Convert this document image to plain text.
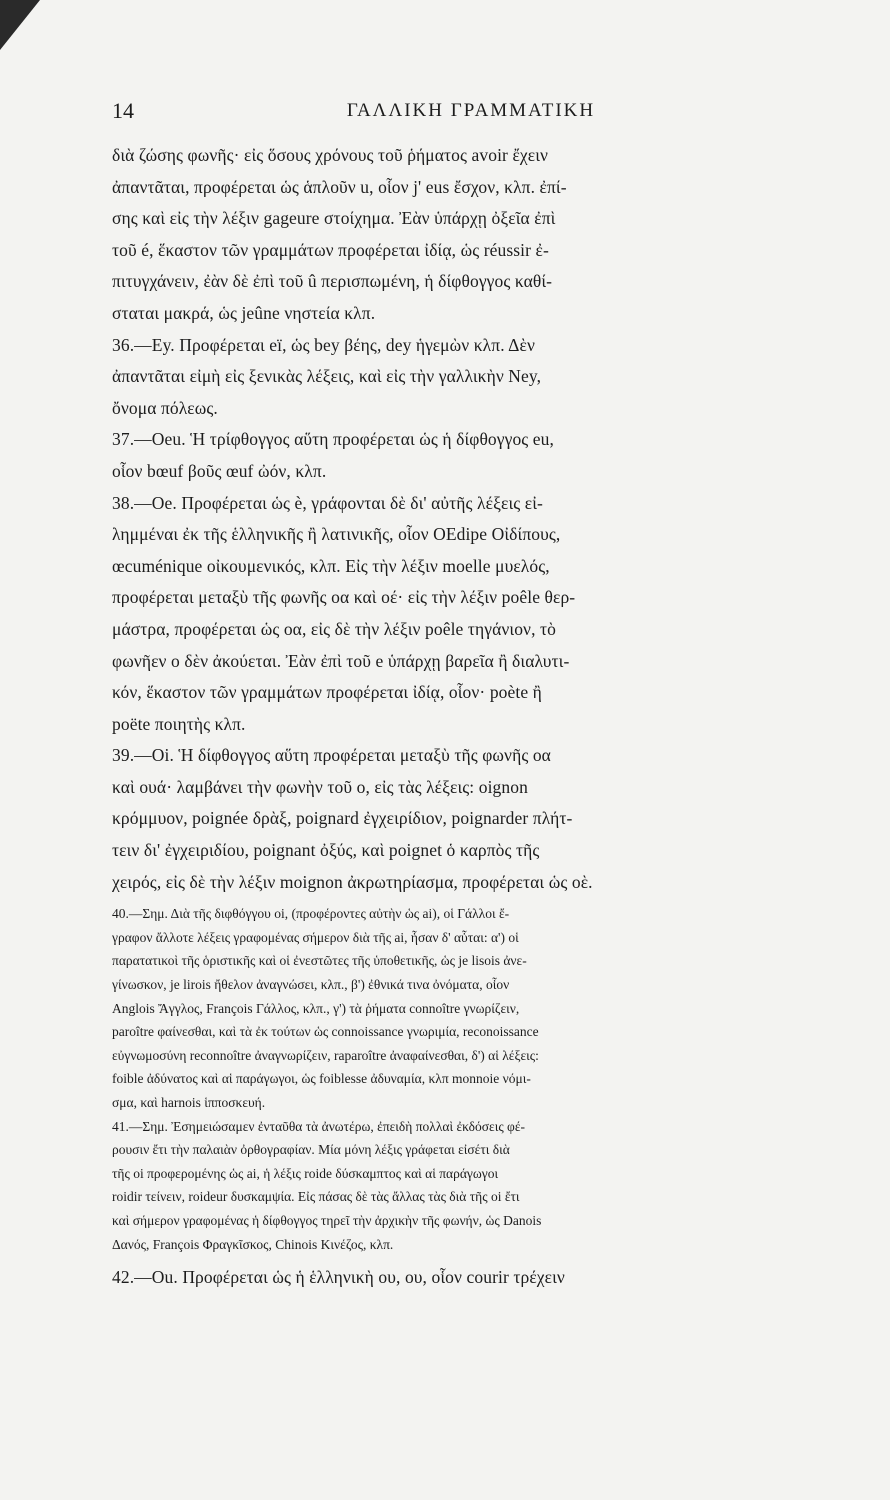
14	ΓΑΛΛΙΚΗ ΓΡΑΜΜΑΤΙΚΗ
διὰ ζώσης φωνῆς· εἰς ὅσους χρόνους τοῦ ῥήματος avoir ἔχειν
ἀπαντᾶται, προφέρεται ὡς ἁπλοῦν u, οἷον j' eus ἔσχον, κλπ. ἐπί-
σης καὶ εἰς τὴν λέξιν gageure στοίχημα. Ἐὰν ὑπάρχῃ ὀξεῖα ἐπὶ
τοῦ é, ἕκαστον τῶν γραμμάτων προφέρεται ἰδίᾳ, ὡς réussir ἐ-
πιτυγχάνειν, ἐὰν δὲ ἐπὶ τοῦ û περισπωμένη, ἡ δίφθογγος καθί-
σταται μακρά, ὡς jeûne νηστεία κλπ.
36.—Ey. Προφέρεται eï, ὡς bey βέης, dey ἡγεμὼν κλπ. Δὲν
ἀπαντᾶται εἰμὴ εἰς ξενικὰς λέξεις, καὶ εἰς τὴν γαλλικὴν Ney,
ὄνομα πόλεως.
37.—Oeu. Ἡ τρίφθογγος αὕτη προφέρεται ὡς ἡ δίφθογγος eu,
οἷον bœuf βοῦς œuf ὠόν, κλπ.
38.—Oe. Προφέρεται ὡς è, γράφονται δὲ δι' αὐτῆς λέξεις εἰ-
λημμέναι ἐκ τῆς ἑλληνικῆς ἢ λατινικῆς, οἷον OEdipe Οἰδίπους,
œcuménique οἰκουμενικός, κλπ. Εἰς τὴν λέξιν moelle μυελός,
προφέρεται μεταξὺ τῆς φωνῆς οα καὶ οέ· εἰς τὴν λέξιν poêle θερ-
μάστρα, προφέρεται ὡς οα, εἰς δὲ τὴν λέξιν poêle τηγάνιον, τὸ
φωνῆεν o δὲν ἀκούεται. Ἐὰν ἐπὶ τοῦ e ὑπάρχῃ βαρεῖα ἢ διαλυτι-
κόν, ἕκαστον τῶν γραμμάτων προφέρεται ἰδίᾳ, οἷον· poète ἢ
poëte ποιητὴς κλπ.
39.—Oi. Ἡ δίφθογγος αὕτη προφέρεται μεταξὺ τῆς φωνῆς οα
καὶ ουά· λαμβάνει τὴν φωνὴν τοῦ ο, εἰς τὰς λέξεις: oignon
κρόμμυον, poignée δρὰξ, poignard ἐγχειρίδιον, poignarder πλήτ-
τειν δι' ἐγχειριδίου, poignant ὀξύς, καὶ poignet ὁ καρπὸς τῆς
χειρός, εἰς δὲ τὴν λέξιν moignon ἀκρωτηρίασμα, προφέρεται ὡς οὲ.
40.—Σημ. Διὰ τῆς διφθόγγου oi, (προφέροντες αὐτὴν ὡς ai), οἱ Γάλλοι ἔ-
γραφον ἄλλοτε λέξεις γραφομένας σήμερον διὰ τῆς ai, ἦσαν δ' αὗται: α') οἱ
παρατατικοὶ τῆς ὁριστικῆς καὶ οἱ ἐνεστῶτες τῆς ὑποθετικῆς, ὡς je lisois ἀνε-
γίνωσκον, je lirois ἤθελον ἀναγνώσει, κλπ., β') ἐθνικά τινα ὀνόματα, οἷον
Anglois Ἄγγλος, François Γάλλος, κλπ., γ') τὰ ῥήματα connoître γνωρίζειν,
paroître φαίνεσθαι, καὶ τὰ ἐκ τούτων ὡς connoissance γνωριμία, reconoissance
εὐγνωμοσύνη reconnoître ἀναγνωρίζειν, raparoître ἀναφαίνεσθαι, δ') αἱ λέξεις:
foible ἀδύνατος καὶ αἱ παράγωγοι, ὡς foiblesse ἀδυναμία, κλπ monnoie νόμι-
σμα, καὶ harnois ἱπποσκευή.
41.—Σημ. Ἐσημειώσαμεν ἐνταῦθα τὰ ἀνωτέρω, ἐπειδὴ πολλαὶ ἐκδόσεις φέ-
ρουσιν ἔτι τὴν παλαιὰν ὀρθογραφίαν. Μία μόνη λέξις γράφεται εἰσέτι διὰ
τῆς oi προφερομένης ὡς ai, ἡ λέξις roide δύσκαμπτος καὶ αἱ παράγωγοι
roidir τείνειν, roideur δυσκαμψία. Εἰς πάσας δὲ τὰς ἄλλας τὰς διὰ τῆς oi ἔτι
καὶ σήμερον γραφομένας ἡ δίφθογγος τηρεῖ τὴν ἀρχικὴν τῆς φωνήν, ὡς Danois
Δανός, François Φραγκῖσκος, Chinois Κινέζος, κλπ.
42.—Ou. Προφέρεται ὡς ἡ ἑλληνικὴ ου, ου, οἷον courir τρέχειν
